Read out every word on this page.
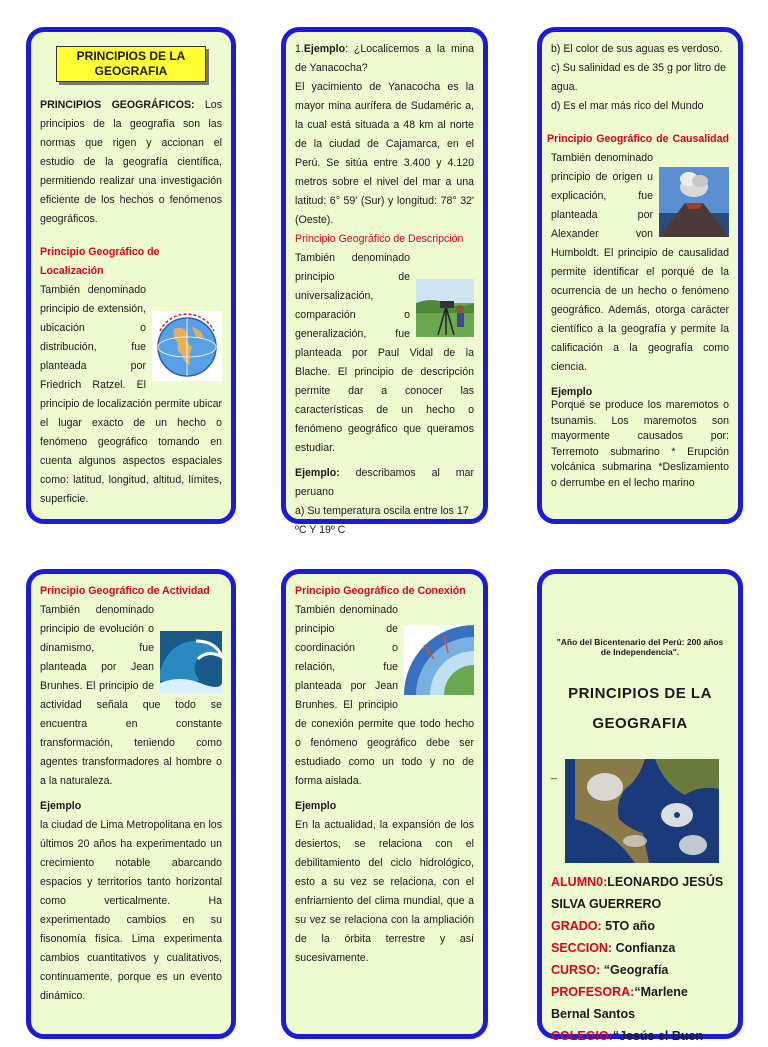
PRINCIPIOS DE LA GEOGRAFIA

PRINCIPIOS GEOGRÁFICOS: Los principios de la geografía son las normas que rigen y accionan el estudio de la geografía científica, permitiendo realizar una investigación eficiente de los hechos o fenómenos geográficos.

Principio Geográfico de Localización

También denominado principio de extensión, ubicación o distribución, fue planteada por Friedrich Ratzel. El principio de localización permite ubicar el lugar exacto de un hecho o fenómeno geográfico tomando en cuenta algunos aspectos espaciales como: latitud, longitud, altitud, límites, superficie.

1.Ejemplo: ¿Localicemos a la mina de Yanacocha?

El yacimiento de Yanacocha es la mayor mina aurífera de Sudaméric a, la cual está situada a 48 km al norte de la ciudad de Cajamarca, en el Perú. Se sitúa entre 3.400 y 4.120 metros sobre el nivel del mar a una latitud: 6° 59' (Sur) y longitud: 78° 32' (Oeste).

Principio Geográfico de Descripción

También denominado principio de universalización, comparación o generalización, fue planteada por Paul Vidal de la Blache. El principio de descripción permite dar a conocer las características de un hecho o fenómeno geográfico que queramos estudiar.

Ejemplo: describamos al mar peruano

a) Su temperatura oscila entre los 17 ºC Y 19º C

b) El color de sus aguas es verdoso.

c) Su salinidad es de 35 g por litro de agua.

d) Es el mar más rico del Mundo

Principio Geográfico de Causalidad

También denominado principio de origen u explicación, fue planteada por Alexander von Humboldt. El principio de causalidad permite identificar el porqué de la ocurrencia de un hecho o fenómeno geográfico. Además, otorga carácter científico a la geografía y permite la calificación a la geografía como ciencia.

Ejemplo

Porqué se produce los maremotos o tsunamis. Los maremotos son mayormente causados por: Terremoto submarino * Erupción volcánica submarina *Deslizamiento o derrumbe en el lecho marino

Principio Geográfico de Actividad

También denominado principio de evolución o dinamismo, fue planteada por Jean Brunhes. El principio de actividad señala que todo se encuentra en constante transformación, teniendo como agentes transformadores al hombre o a la naturaleza.

Ejemplo

la ciudad de Lima Metropolitana en los últimos 20 años ha experimentado un crecimiento notable abarcando espacios y territorios tanto horizontal como verticalmente. Ha experimentado cambios en su fisonomía física. Lima experimenta cambios cuantitativos y cualitativos, continuamente, porque es un evento dinámico.

Principio Geográfico de Conexión

También denominado principio de coordinación o relación, fue planteada por Jean Brunhes. El principio de conexión permite que todo hecho o fenómeno geográfico debe ser estudiado como un todo y no de forma aislada.

Ejemplo

En la actualidad, la expansión de los desiertos, se relaciona con el debilitamiento del ciclo hidrológico, esto a su vez se relaciona, con el enfriamiento del clima mundial, que a su vez se relaciona con la ampliación de la órbita terrestre y así sucesivamente.

"Año del Bicentenario del Perú: 200 años de Independencia".

PRINCIPIOS DE LA GEOGRAFIA

_

ALUMN0:LEONARDO JESÚS SILVA GUERRERO

GRADO: 5TO año

SECCION: Confianza

CURSO: “Geografía

PROFESORA:“Marlene Bernal Santos

COLEGIO:“Jesús el Buen
